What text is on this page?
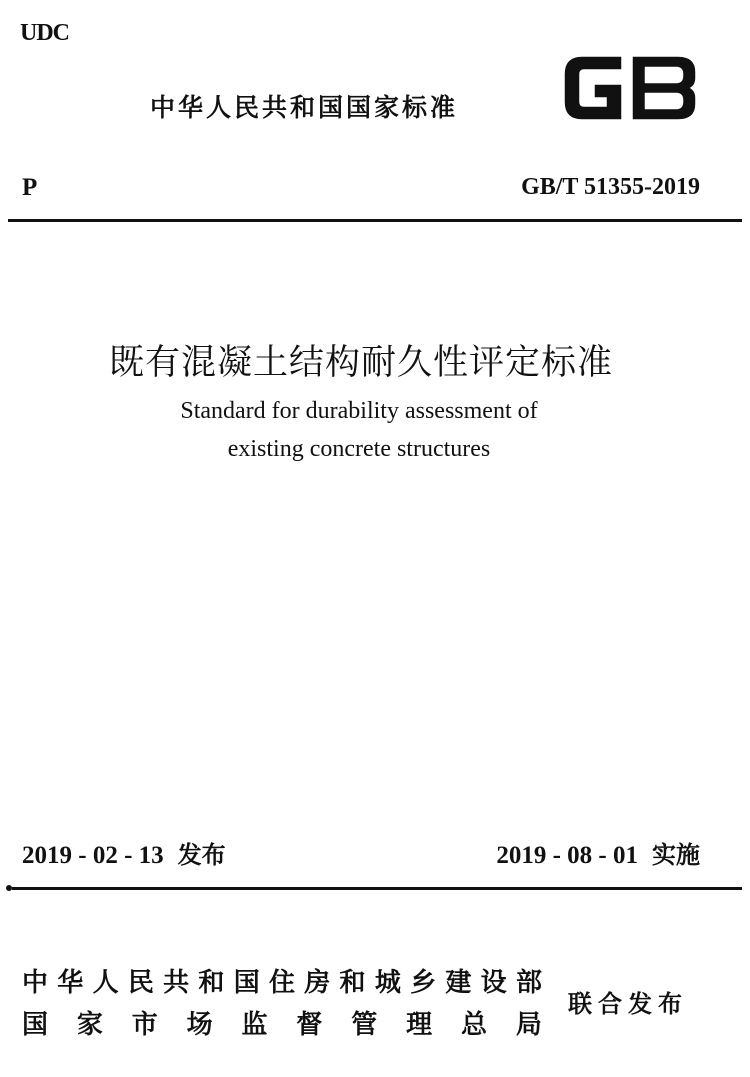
UDC
中华人民共和国国家标准
P	GB/T 51355-2019
既有混凝土结构耐久性评定标准
Standard for durability assessment of
existing concrete structures
2019 - 02 - 13 发布	2019 - 08 - 01 实施
中 华 人 民 共 和 国 住 房 和 城 乡 建 设 部
国 家 市 场 监 督 管 理 总 局
联合发布
